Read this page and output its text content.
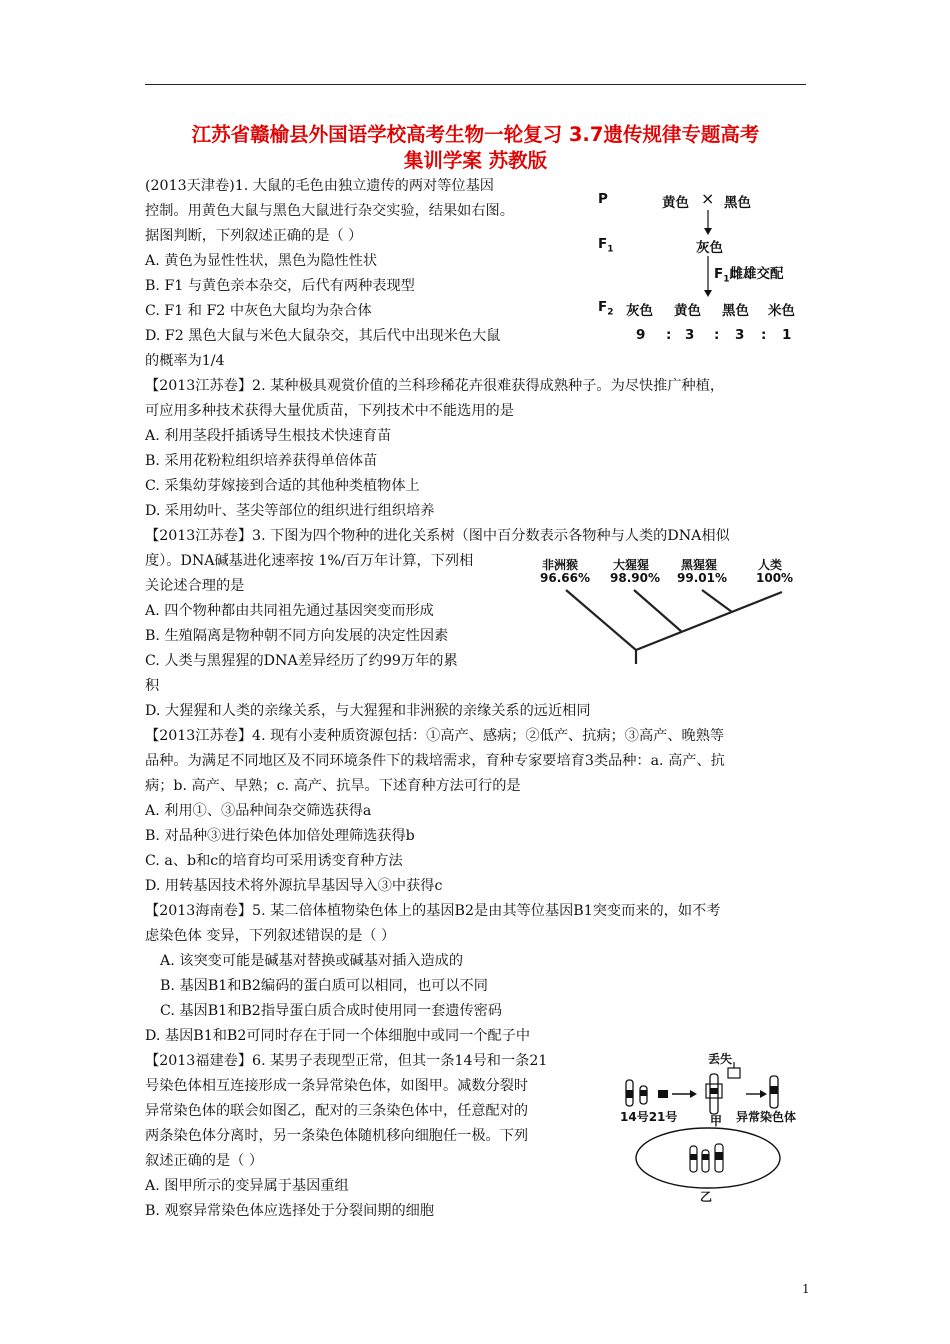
江苏省赣榆县外国语学校高考生物一轮复习 3.7遗传规律专题高考
集训学案 苏教版
(2013天津卷)1. 大鼠的毛色由独立遗传的两对等位基因
控制。用黄色大鼠与黑色大鼠进行杂交实验，结果如右图。
据图判断，下列叙述正确的是（ ）
A. 黄色为显性性状，黑色为隐性性状
B. F1 与黄色亲本杂交，后代有两种表现型
C. F1 和 F2 中灰色大鼠均为杂合体
D. F2 黑色大鼠与米色大鼠杂交，其后代中出现米色大鼠
的概率为1/4
P	黄色 × 黑色
$F_1$	灰色
$F_1$雌雄交配
$F_2$ 灰色 黄色 黑色 米色
9 : 3 : 3 : 1
【2013江苏卷】2. 某种极具观赏价值的兰科珍稀花卉很难获得成熟种子。为尽快推广种植，
可应用多种技术获得大量优质苗，下列技术中不能选用的是
A. 利用茎段扦插诱导生根技术快速育苗
B. 采用花粉粒组织培养获得单倍体苗
C. 采集幼芽嫁接到合适的其他种类植物体上
D. 采用幼叶、茎尖等部位的组织进行组织培养
【2013江苏卷】3. 下图为四个物种的进化关系树（图中百分数表示各物种与人类的DNA相似
度）。DNA碱基进化速率按 1%/百万年计算，下列相
关论述合理的是
A. 四个物种都由共同祖先通过基因突变而形成
B. 生殖隔离是物种朝不同方向发展的决定性因素
C. 人类与黑猩猩的DNA差异经历了约99万年的累
积
D. 大猩猩和人类的亲缘关系，与大猩猩和非洲猴的亲缘关系的远近相同
非洲猴
96.66%
大猩猩
98.90%
黑猩猩
99.01%
人类
100%
【2013江苏卷】4. 现有小麦种质资源包括：①高产、感病；②低产、抗病；③高产、晚熟等
品种。为满足不同地区及不同环境条件下的栽培需求，育种专家要培育3类品种：a. 高产、抗
病；b. 高产、早熟；c. 高产、抗旱。下述育种方法可行的是
A. 利用①、③品种间杂交筛选获得a
B. 对品种③进行染色体加倍处理筛选获得b
C. a、b和c的培育均可采用诱变育种方法
D. 用转基因技术将外源抗旱基因导入③中获得c
【2013海南卷】5. 某二倍体植物染色体上的基因B2是由其等位基因B1突变而来的，如不考
虑染色体 变异，下列叙述错误的是（ ）
A. 该突变可能是碱基对替换或碱基对插入造成的
B. 基因B1和B2编码的蛋白质可以相同，也可以不同
C. 基因B1和B2指导蛋白质合成时使用同一套遗传密码
D. 基因B1和B2可同时存在于同一个体细胞中或同一个配子中
【2013福建卷】6. 某男子表现型正常，但其一条14号和一条21
号染色体相互连接形成一条异常染色体，如图甲。减数分裂时
异常染色体的联会如图乙，配对的三条染色体中，任意配对的
两条染色体分离时，另一条染色体随机移向细胞任一极。下列
叙述正确的是（ ）
A. 图甲所示的变异属于基因重组
B. 观察异常染色体应选择处于分裂间期的细胞
丢失
14号21号	甲 异常染色体
乙
1
